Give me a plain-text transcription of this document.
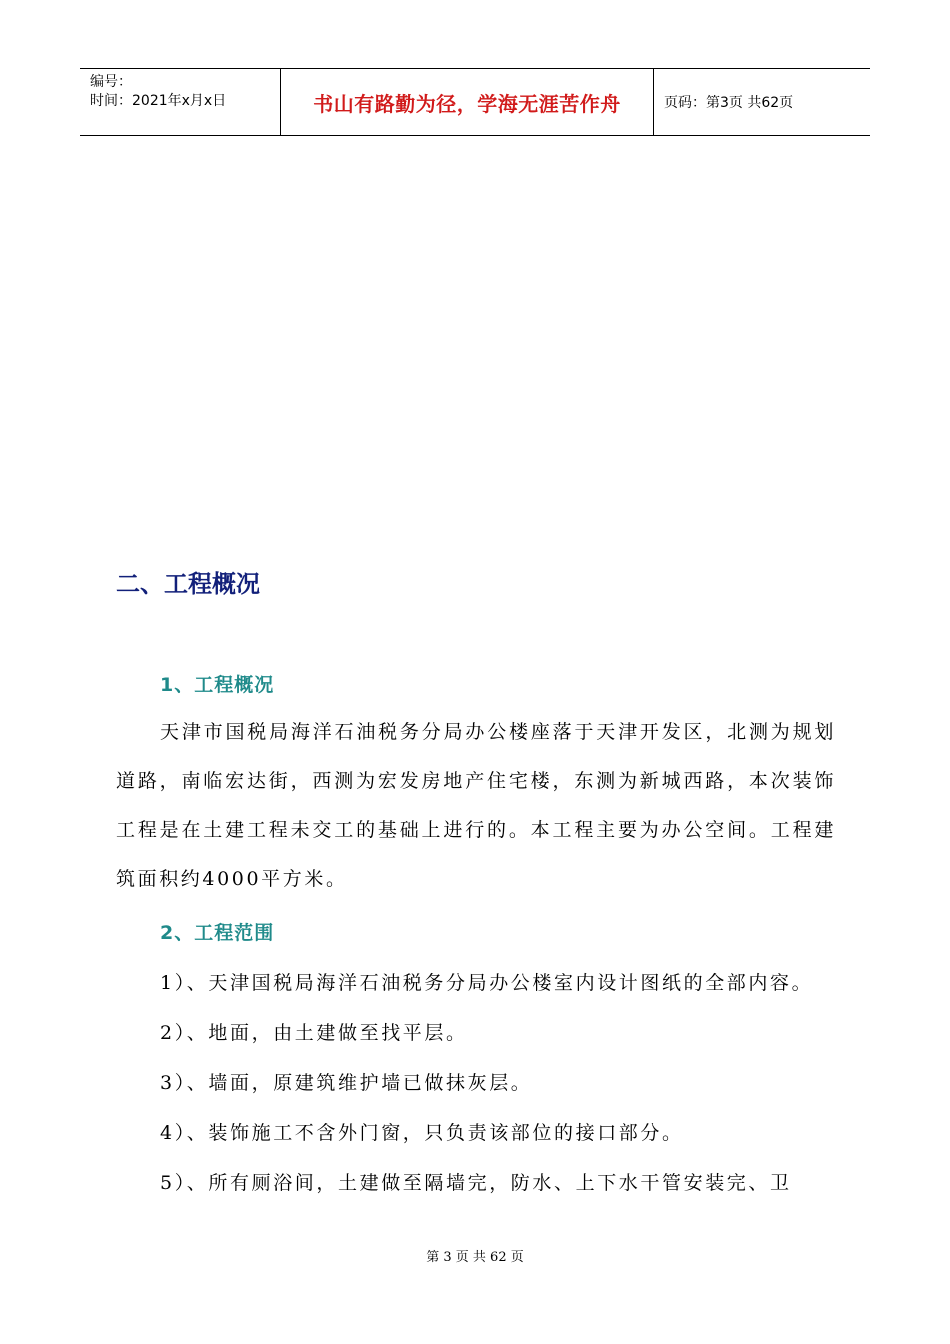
编号：
时间：2021年x月x日	书山有路勤为径，学海无涯苦作舟	页码：第3页 共62页
二、工程概况
1、工程概况

天津市国税局海洋石油税务分局办公楼座落于天津开发区，北测为规划道路，南临宏达街，西测为宏发房地产住宅楼，东测为新城西路，本次装饰工程是在土建工程未交工的基础上进行的。本工程主要为办公空间。工程建筑面积约4000平方米。

2、工程范围

1）、天津国税局海洋石油税务分局办公楼室内设计图纸的全部内容。

2）、地面，由土建做至找平层。

3）、墙面，原建筑维护墙已做抹灰层。

4）、装饰施工不含外门窗，只负责该部位的接口部分。

5）、所有厕浴间，土建做至隔墙完，防水、上下水干管安装完、卫

第 3 页 共 62 页
